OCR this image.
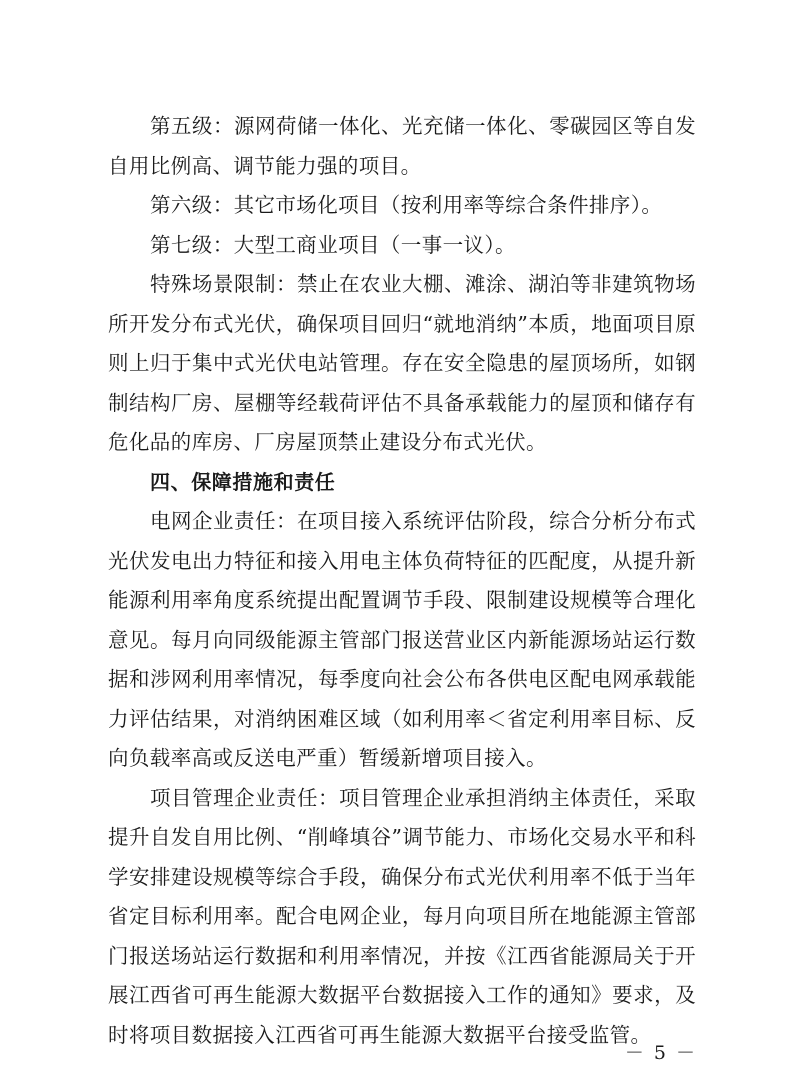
第五级：源网荷储一体化、光充储一体化、零碳园区等自发自用比例高、调节能力强的项目。

第六级：其它市场化项目（按利用率等综合条件排序）。

第七级：大型工商业项目（一事一议）。

特殊场景限制：禁止在农业大棚、滩涂、湖泊等非建筑物场所开发分布式光伏，确保项目回归“就地消纳”本质，地面项目原则上归于集中式光伏电站管理。存在安全隐患的屋顶场所，如钢制结构厂房、屋棚等经载荷评估不具备承载能力的屋顶和储存有危化品的库房、厂房屋顶禁止建设分布式光伏。

四、保障措施和责任

电网企业责任：在项目接入系统评估阶段，综合分析分布式光伏发电出力特征和接入用电主体负荷特征的匹配度，从提升新能源利用率角度系统提出配置调节手段、限制建设规模等合理化意见。每月向同级能源主管部门报送营业区内新能源场站运行数据和涉网利用率情况，每季度向社会公布各供电区配电网承载能力评估结果，对消纳困难区域（如利用率＜省定利用率目标、反向负载率高或反送电严重）暂缓新增项目接入。

项目管理企业责任：项目管理企业承担消纳主体责任，采取提升自发自用比例、“削峰填谷”调节能力、市场化交易水平和科学安排建设规模等综合手段，确保分布式光伏利用率不低于当年省定目标利用率。配合电网企业，每月向项目所在地能源主管部门报送场站运行数据和利用率情况，并按《江西省能源局关于开展江西省可再生能源大数据平台数据接入工作的通知》要求，及时将项目数据接入江西省可再生能源大数据平台接受监管。

－ 5 －
